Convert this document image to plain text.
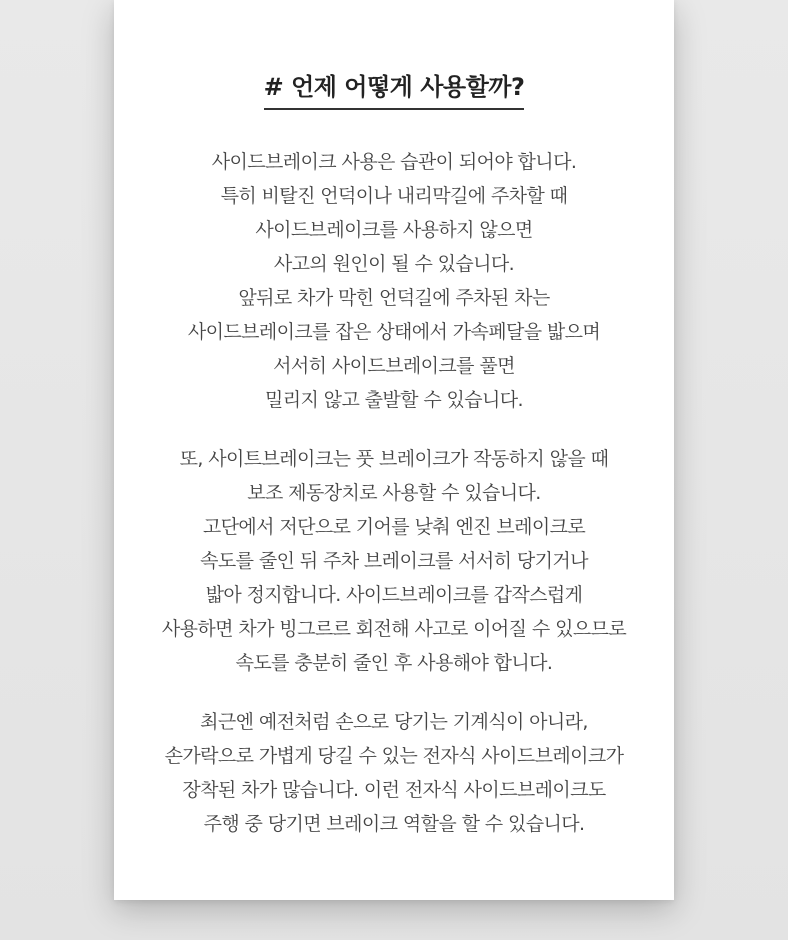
# 언제 어떻게 사용할까?

사이드브레이크 사용은 습관이 되어야 합니다.
특히 비탈진 언덕이나 내리막길에 주차할 때
사이드브레이크를 사용하지 않으면
사고의 원인이 될 수 있습니다.
앞뒤로 차가 막힌 언덕길에 주차된 차는
사이드브레이크를 잡은 상태에서 가속페달을 밟으며
서서히 사이드브레이크를 풀면
밀리지 않고 출발할 수 있습니다.

또, 사이트브레이크는 풋 브레이크가 작동하지 않을 때
보조 제동장치로 사용할 수 있습니다.
고단에서 저단으로 기어를 낮춰 엔진 브레이크로
속도를 줄인 뒤 주차 브레이크를 서서히 당기거나
밟아 정지합니다. 사이드브레이크를 갑작스럽게
사용하면 차가 빙그르르 회전해 사고로 이어질 수 있으므로
속도를 충분히 줄인 후 사용해야 합니다.

최근엔 예전처럼 손으로 당기는 기계식이 아니라,
손가락으로 가볍게 당길 수 있는 전자식 사이드브레이크가
장착된 차가 많습니다. 이런 전자식 사이드브레이크도
주행 중 당기면 브레이크 역할을 할 수 있습니다.
